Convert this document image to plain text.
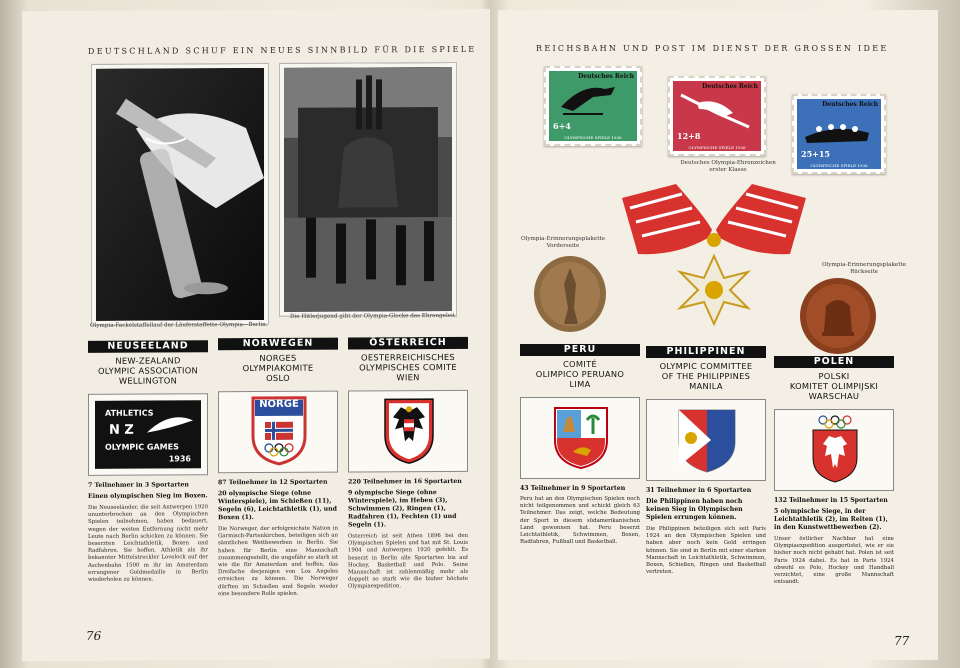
DEUTSCHLAND SCHUF EIN NEUES SINNBILD FÜR DIE SPIELE
Olympia-Fackelstaffellauf der Läuferstaffette Olympia—Berlin.
Die Hitlerjugend gibt der Olympia-Glocke das Ehrengeleit.
NEUSEELAND
NEW-ZEALAND
OLYMPIC ASSOCIATION
WELLINGTON
ATHLETICS
N Z
OLYMPIC GAMES
1936
7 Teilnehmer in 3 Sportarten
Einen olympischen Sieg im Boxen.
Die Neuseeländer, die seit Antwerpen 1920 ununterbrochen an den Olympischen Spielen teilnehmen, haben bedauert, wegen der weiten Entfernung nicht mehr Leute nach Berlin schicken zu können. Sie beserzten Leichtathletik, Boxen und Radfahren. Sie hoffen, Athletik als ihr bekannter Mittelstreckler Lovelock auf der Aschenbahn 1500 m ihr im Amsterdam errungener Goldmedaille in Berlin wiederholen zu können.
NORWEGEN
NORGES
OLYMPIAKOMITE
OSLO
NORGE
87 Teilnehmer in 12 Sportarten
20 olympische Siege (ohne Winterspiele), im Schießen (11), Segeln (6), Leichtathletik (1), und Boxen (1).
Die Norweger, der erfolgreichste Nation in Garmisch-Partenkirchen, beteiligen sich an sämtlichen Wettbewerben in Berlin. Sie haben für Berlin eine Mannschaft zusammengestellt, die ungefähr so stark ist wie die für Amsterdam und hoffen, das Dreifache derjenigen von Los Angeles erreichen zu können. Die Norweger dürften im Schießen und Segeln wieder eine besondere Rolle spielen.
ÖSTERREICH
OESTERREICHISCHES
OLYMPISCHES COMITE
WIEN
220 Teilnehmer in 16 Sportarten
9 olympische Siege (ohne Winterspiele), im Heben (3), Schwimmen (2), Ringen (1), Radfahren (1), Fechten (1) und Segeln (1).
Österreich ist seit Athen 1896 bei den Olympischen Spielen und hat mit St. Louis 1904 und Antwerpen 1920 gefehlt. Es beserzt in Berlin alle Sportarten bis auf Hockey, Basketball und Polo. Seine Mannschaft ist zahlenmäßig mehr als doppelt so stark wie die bisher höchste Olympiaexpedition.
76
REICHSBAHN UND POST IM DIENST DER GROSSEN IDEE
Deutsches Reich
6+4
OLYMPISCHE SPIELE 1936
Deutsches Reich
12+8
OLYMPISCHE SPIELE 1936
Deutsches Reich
25+15
OLYMPISCHE SPIELE 1936
Deutsches Olympia-Ehrenzeichen
erster Klasse
Olympia-Erinnerungsplakette
Vorderseite
Olympia-Erinnerungsplakette
Rückseite
PERU
COMITÉ
OLIMPICO PERUANO
LIMA
43 Teilnehmer in 9 Sportarten
Peru hat an den Olympischen Spielen noch nicht teilgenommen und schickt gleich 63 Teilnehmer. Das zeigt, welche Bedeutung der Sport in diesem südamerikanischen Land gewonnen hat. Peru beserzt Leichtathletik, Schwimmen, Boxen, Radfahren, Fußball und Basketball.
PHILIPPINEN
OLYMPIC COMMITTEE
OF THE PHILIPPINES
MANILA
31 Teilnehmer in 6 Sportarten
Die Philippinen haben noch keinen Sieg in Olympischen Spielen errungen können.
Die Philippinen beteiligen sich seit Paris 1924 an den Olympischen Spielen und haben aber noch kein Gold erringen können. Sie sind in Berlin mit einer starken Mannschaft in Leichtathletik, Schwimmen, Boxen, Schießen, Ringen und Basketball vertreten.
POLEN
POLSKI
KOMITET OLIMPIJSKI
WARSCHAU
132 Teilnehmer in 15 Sportarten
5 olympische Siege, in der Leichtathletik (2), im Reiten (1), in den Kunstwettbewerben (2).
Unser östlicher Nachbar hat eine Olympiaexpedition ausgerüstet, wie er sie bisher noch nicht gehabt hat. Polen ist seit Paris 1924 dabei. Es hat in Paris 1924 obwohl es Polo, Hockey und Handball verzichtet, eine große Mannschaft entsandt.
77
